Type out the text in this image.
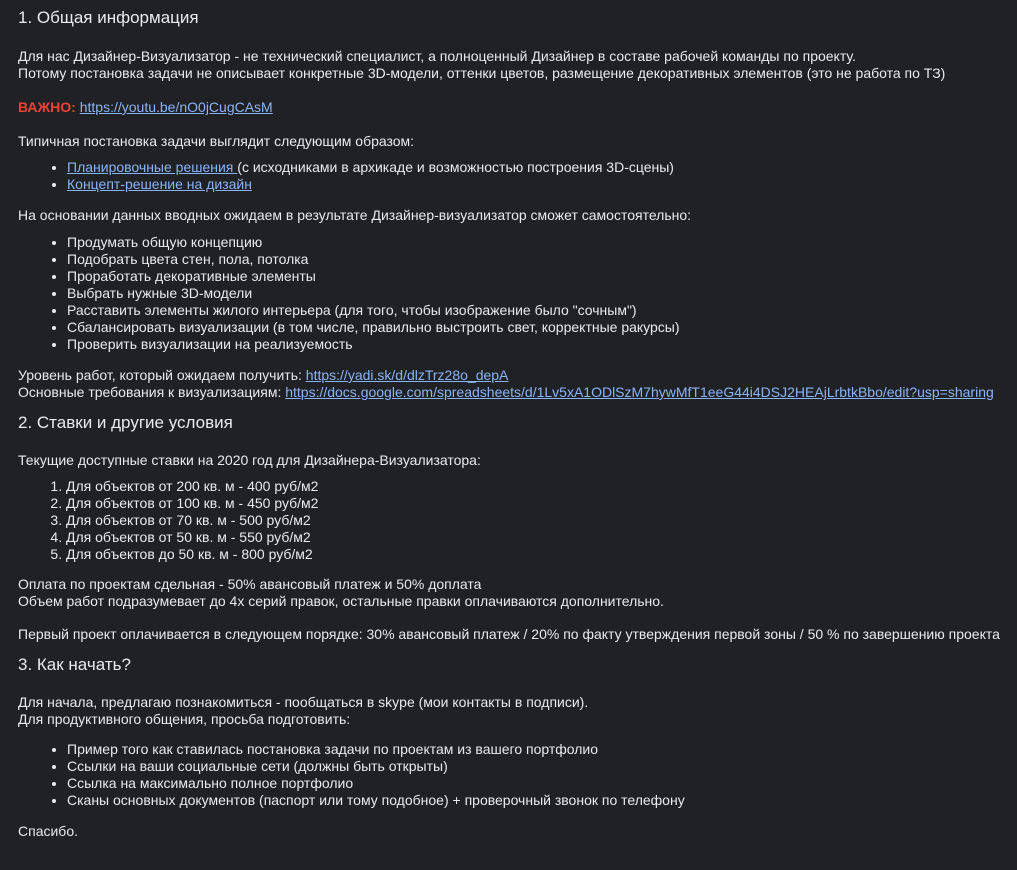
1. Общая информация

Для нас Дизайнер-Визуализатор - не технический специалист, а полноценный Дизайнер в составе рабочей команды по проекту.

Потому постановка задачи не описывает конкретные 3D-модели, оттенки цветов, размещение декоративных элементов (это не работа по ТЗ)

ВАЖНО: https://youtu.be/nO0jCugCAsM

Типичная постановка задачи выглядит следующим образом:

• Планировочные решения (с исходниками в архикаде и возможностью построения 3D-сцены)
• Концепт-решение на дизайн

На основании данных вводных ожидаем в результате Дизайнер-визуализатор сможет самостоятельно:

• Продумать общую концепцию
• Подобрать цвета стен, пола, потолка
• Проработать декоративные элементы
• Выбрать нужные 3D-модели
• Расставить элементы жилого интерьера (для того, чтобы изображение было "сочным")
• Сбалансировать визуализации (в том числе, правильно выстроить свет, корректные ракурсы)
• Проверить визуализации на реализуемость

Уровень работ, который ожидаем получить: https://yadi.sk/d/dlzTrz28o_depA

Основные требования к визуализациям: https://docs.google.com/spreadsheets/d/1Lv5xA1ODlSzM7hywMfT1eeG44i4DSJ2HEAjLrbtkBbo/edit?usp=sharing

2. Ставки и другие условия

Текущие доступные ставки на 2020 год для Дизайнера-Визуализатора:

1. Для объектов от 200 кв. м - 400 руб/м2
2. Для объектов от 100 кв. м - 450 руб/м2
3. Для объектов от 70 кв. м - 500 руб/м2
4. Для объектов от 50 кв. м - 550 руб/м2
5. Для объектов до 50 кв. м - 800 руб/м2

Оплата по проектам сдельная - 50% авансовый платеж и 50% доплата

Объем работ подразумевает до 4х серий правок, остальные правки оплачиваются дополнительно.

Первый проект оплачивается в следующем порядке: 30% авансовый платеж / 20% по факту утверждения первой зоны / 50 % по завершению проекта

3. Как начать?

Для начала, предлагаю познакомиться - пообщаться в skype (мои контакты в подписи).

Для продуктивного общения, просьба подготовить:

• Пример того как ставилась постановка задачи по проектам из вашего портфолио
• Ссылки на ваши социальные сети (должны быть открыты)
• Ссылка на максимально полное портфолио
• Сканы основных документов (паспорт или тому подобное) + проверочный звонок по телефону

Спасибо.
